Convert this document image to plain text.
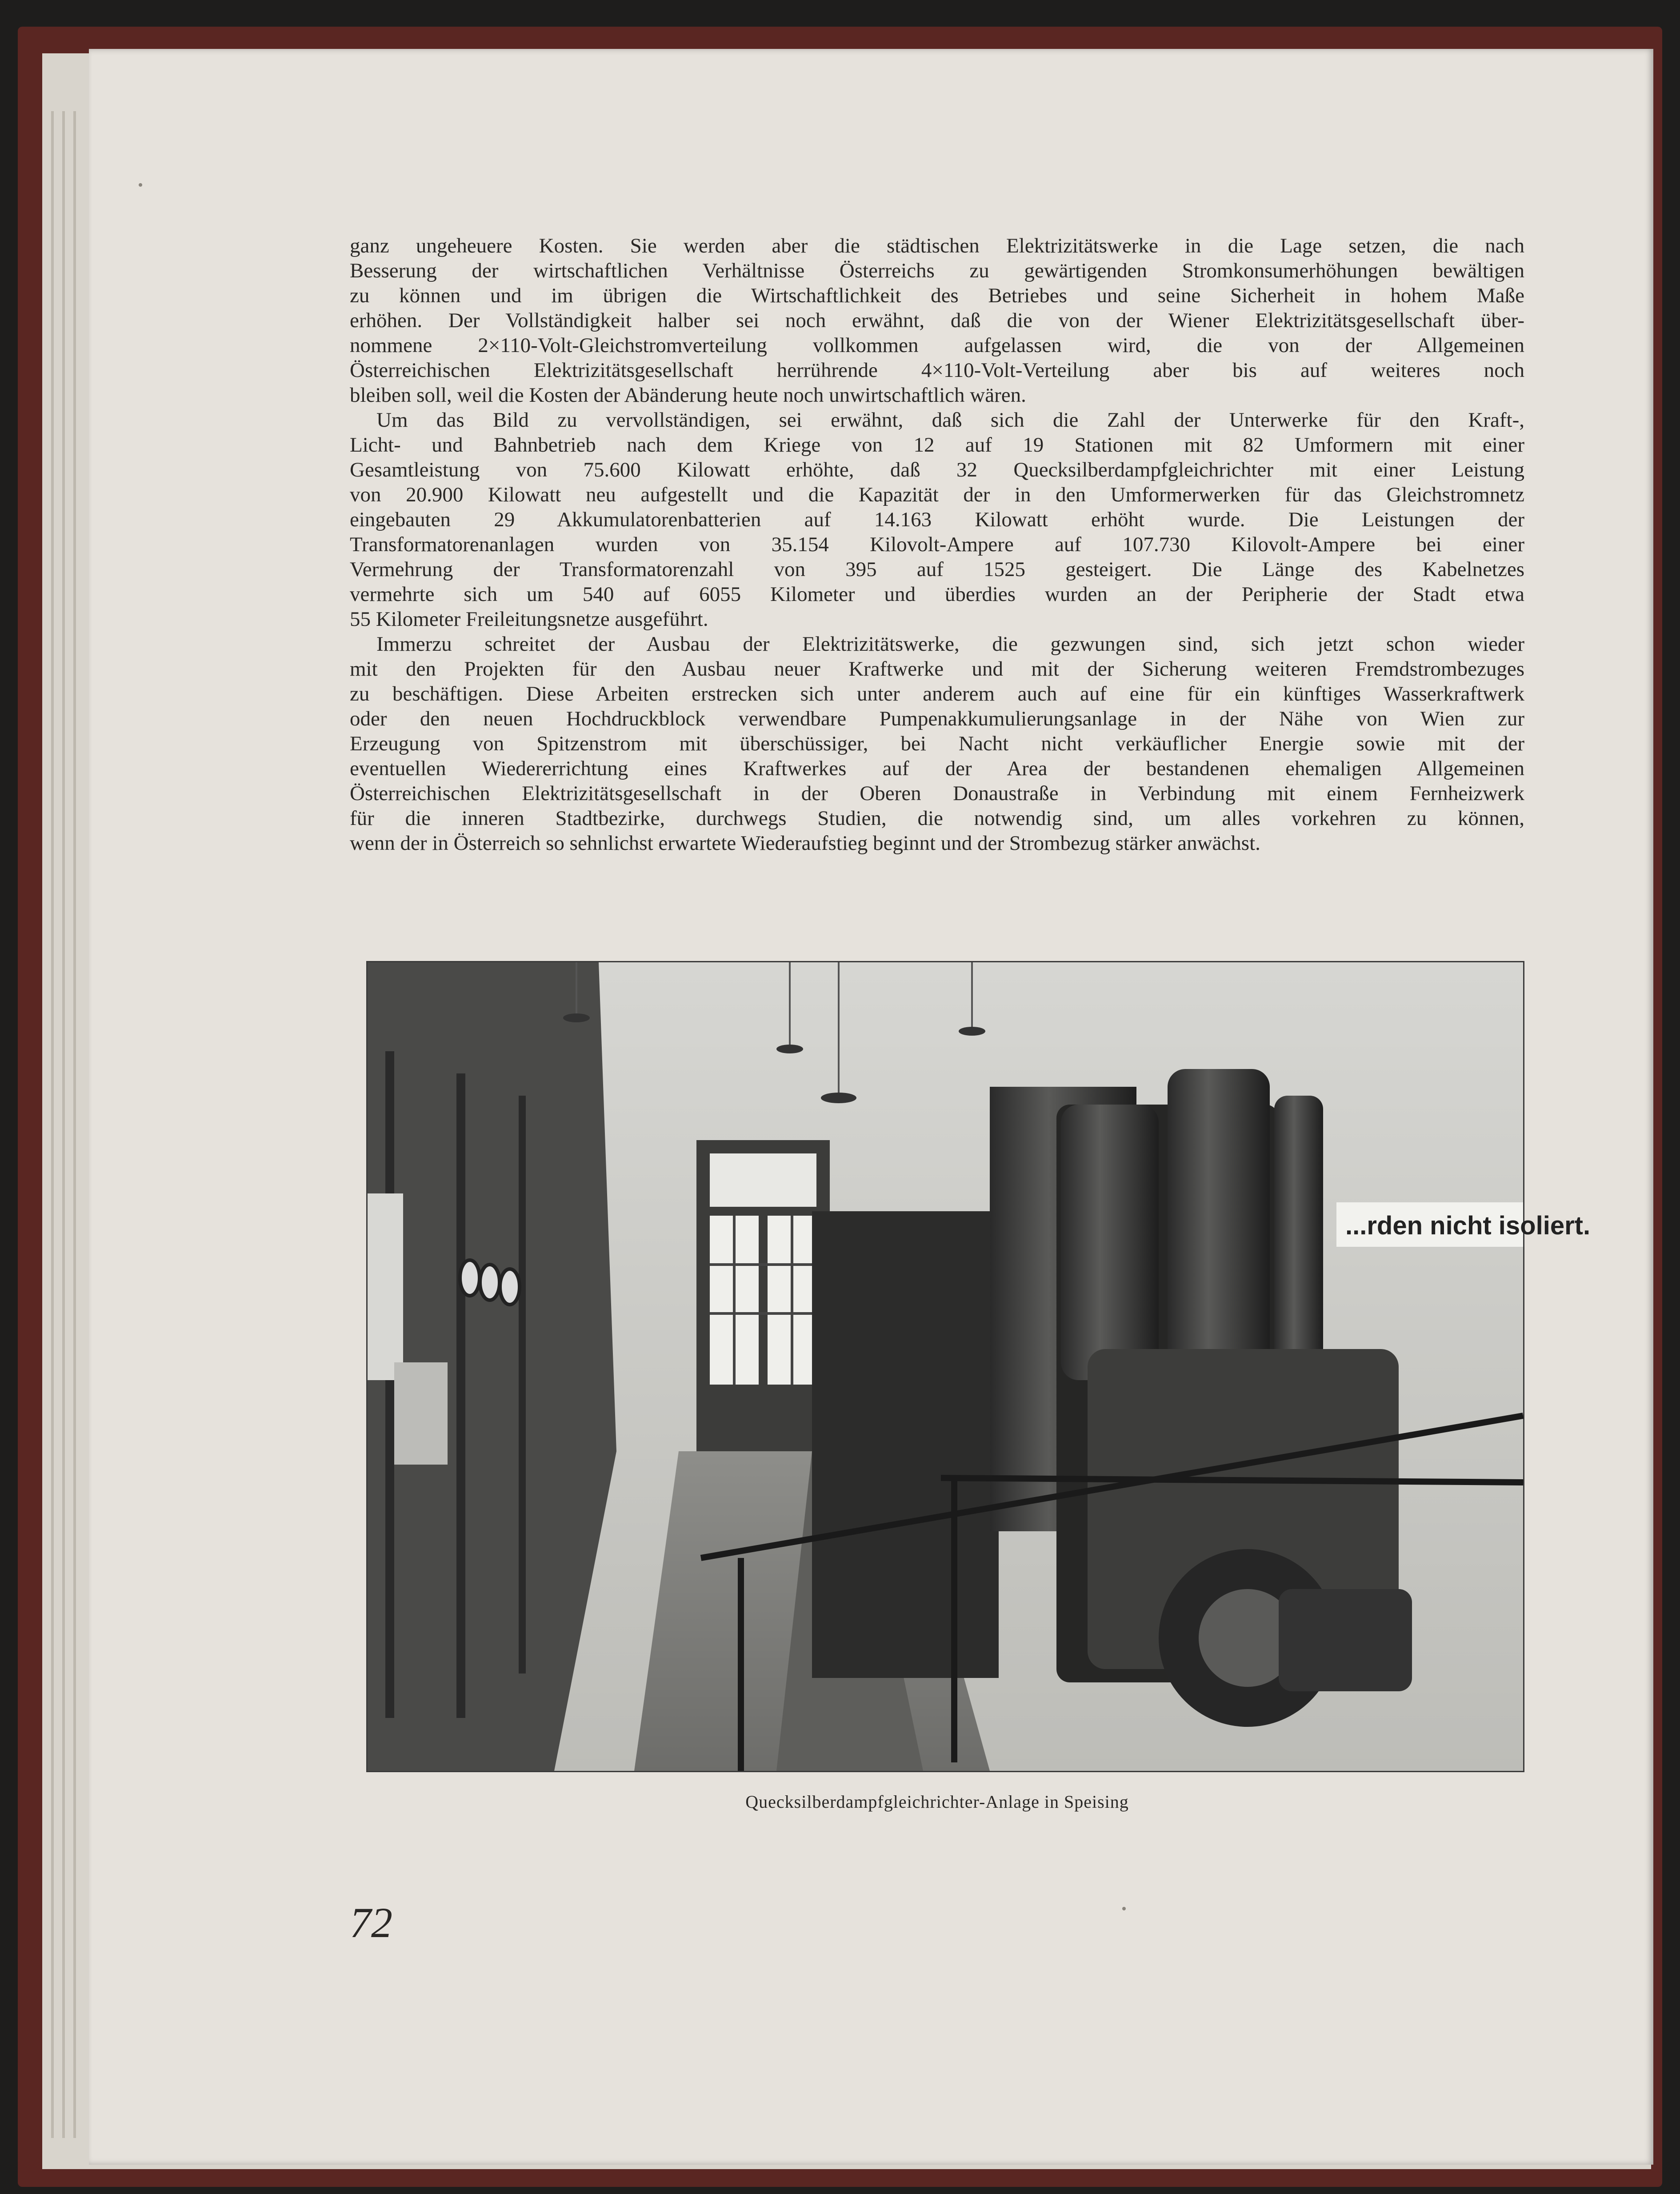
ganz ungeheuere Kosten. Sie werden aber die städtischen Elektrizitätswerke in die Lage setzen, die nach
Besserung der wirtschaftlichen Verhältnisse Österreichs zu gewärtigenden Stromkonsumerhöhungen bewältigen
zu können und im übrigen die Wirtschaftlichkeit des Betriebes und seine Sicherheit in hohem Maße
erhöhen. Der Vollständigkeit halber sei noch erwähnt, daß die von der Wiener Elektrizitätsgesellschaft über-
nommene 2×110-Volt-Gleichstromverteilung vollkommen aufgelassen wird, die von der Allgemeinen
Österreichischen Elektrizitätsgesellschaft herrührende 4×110-Volt-Verteilung aber bis auf weiteres noch
bleiben soll, weil die Kosten der Abänderung heute noch unwirtschaftlich wären.
Um das Bild zu vervollständigen, sei erwähnt, daß sich die Zahl der Unterwerke für den Kraft-,
Licht- und Bahnbetrieb nach dem Kriege von 12 auf 19 Stationen mit 82 Umformern mit einer
Gesamtleistung von 75.600 Kilowatt erhöhte, daß 32 Quecksilberdampfgleichrichter mit einer Leistung
von 20.900 Kilowatt neu aufgestellt und die Kapazität der in den Umformerwerken für das Gleichstromnetz
eingebauten 29 Akkumulatorenbatterien auf 14.163 Kilowatt erhöht wurde. Die Leistungen der
Transformatorenanlagen wurden von 35.154 Kilovolt-Ampere auf 107.730 Kilovolt-Ampere bei einer
Vermehrung der Transformatorenzahl von 395 auf 1525 gesteigert. Die Länge des Kabelnetzes
vermehrte sich um 540 auf 6055 Kilometer und überdies wurden an der Peripherie der Stadt etwa
55 Kilometer Freileitungsnetze ausgeführt.
Immerzu schreitet der Ausbau der Elektrizitätswerke, die gezwungen sind, sich jetzt schon wieder
mit den Projekten für den Ausbau neuer Kraftwerke und mit der Sicherung weiteren Fremdstrombezuges
zu beschäftigen. Diese Arbeiten erstrecken sich unter anderem auch auf eine für ein künftiges Wasserkraftwerk
oder den neuen Hochdruckblock verwendbare Pumpenakkumulierungsanlage in der Nähe von Wien zur
Erzeugung von Spitzenstrom mit überschüssiger, bei Nacht nicht verkäuflicher Energie sowie mit der
eventuellen Wiedererrichtung eines Kraftwerkes auf der Area der bestandenen ehemaligen Allgemeinen
Österreichischen Elektrizitätsgesellschaft in der Oberen Donaustraße in Verbindung mit einem Fernheizwerk
für die inneren Stadtbezirke, durchwegs Studien, die notwendig sind, um alles vorkehren zu können,
wenn der in Österreich so sehnlichst erwartete Wiederaufstieg beginnt und der Strombezug stärker anwächst.
...rden nicht isoliert.
Quecksilberdampfgleichrichter-Anlage in Speising
72
